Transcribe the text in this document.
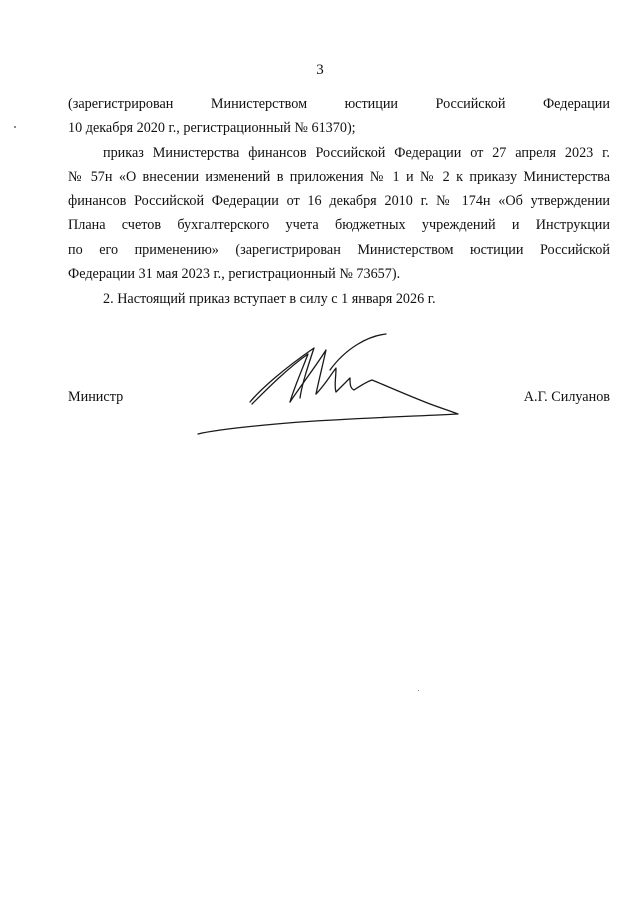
3
(зарегистрирован	Министерством	юстиции	Российской	Федерации
10 декабря 2020 г., регистрационный № 61370);
приказ Министерства финансов Российской Федерации от 27 апреля 2023 г.
№ 57н «О внесении изменений в приложения № 1 и № 2 к приказу Министерства
финансов Российской Федерации от 16 декабря 2010 г. № 174н «Об утверждении
Плана счетов бухгалтерского учета бюджетных учреждений и Инструкции
по его применению» (зарегистрирован Министерством юстиции Российской
Федерации 31 мая 2023 г., регистрационный № 73657).
2. Настоящий приказ вступает в силу с 1 января 2026 г.
Министр	А.Г. Силуанов
